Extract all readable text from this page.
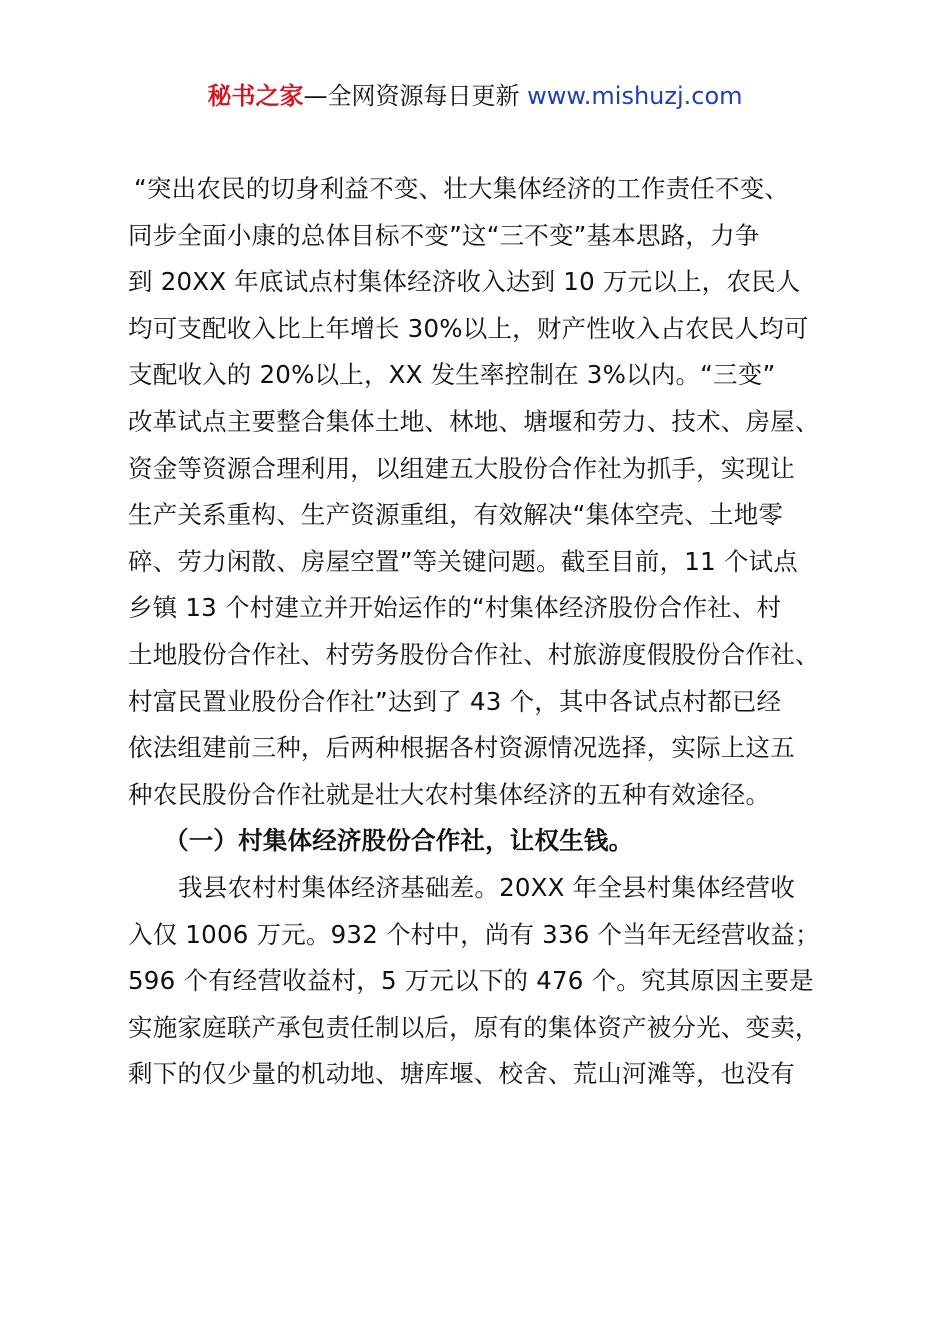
秘书之家—全网资源每日更新 www.mishuzj.com
“突出农民的切身利益不变、壮大集体经济的工作责任不变、
同步全面小康的总体目标不变”这“三不变”基本思路，力争
到 20XX 年底试点村集体经济收入达到 10 万元以上，农民人
均可支配收入比上年增长 30%以上，财产性收入占农民人均可
支配收入的 20%以上，XX 发生率控制在 3%以内。“三变”
改革试点主要整合集体土地、林地、塘堰和劳力、技术、房屋、
资金等资源合理利用，以组建五大股份合作社为抓手，实现让
生产关系重构、生产资源重组，有效解决“集体空壳、土地零
碎、劳力闲散、房屋空置”等关键问题。截至目前，11 个试点
乡镇 13 个村建立并开始运作的“村集体经济股份合作社、村
土地股份合作社、村劳务股份合作社、村旅游度假股份合作社、
村富民置业股份合作社”达到了 43 个，其中各试点村都已经
依法组建前三种，后两种根据各村资源情况选择，实际上这五
种农民股份合作社就是壮大农村集体经济的五种有效途径。
（一）村集体经济股份合作社，让权生钱。
我县农村村集体经济基础差。20XX 年全县村集体经营收
入仅 1006 万元。932 个村中，尚有 336 个当年无经营收益；
596 个有经营收益村，5 万元以下的 476 个。究其原因主要是
实施家庭联产承包责任制以后，原有的集体资产被分光、变卖，
剩下的仅少量的机动地、塘库堰、校舍、荒山河滩等，也没有
